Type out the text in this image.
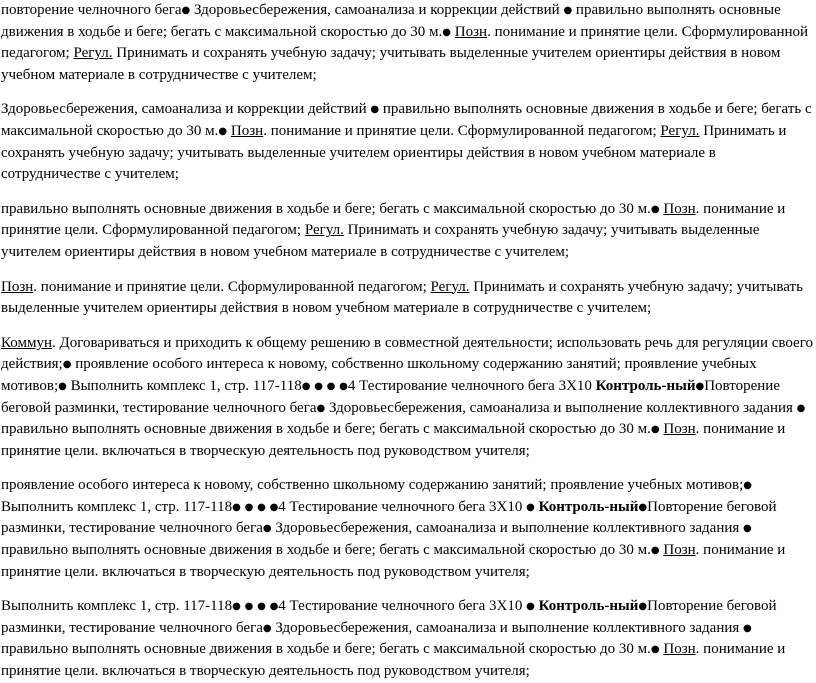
повторение челночного бега● Здоровьесбережения, самоанализа и коррекции действий ● правильно выполнять основные движения в ходьбе и беге; бегать с максимальной скоростью до 30 м.● Позн. понимание и принятие цели. Сформулированной педагогом; Регул. Принимать и сохранять учебную задачу; учитывать выделенные учителем ориентиры действия в новом учебном материале в сотрудничестве с учителем;

Здоровьесбережения, самоанализа и коррекции действий ● правильно выполнять основные движения в ходьбе и беге; бегать с максимальной скоростью до 30 м.● Позн. понимание и принятие цели. Сформулированной педагогом; Регул. Принимать и сохранять учебную задачу; учитывать выделенные учителем ориентиры действия в новом учебном материале в сотрудничестве с учителем;

правильно выполнять основные движения в ходьбе и беге; бегать с максимальной скоростью до 30 м.● Позн. понимание и принятие цели. Сформулированной педагогом; Регул. Принимать и сохранять учебную задачу; учитывать выделенные учителем ориентиры действия в новом учебном материале в сотрудничестве с учителем;

Позн. понимание и принятие цели. Сформулированной педагогом; Регул. Принимать и сохранять учебную задачу; учитывать выделенные учителем ориентиры действия в новом учебном материале в сотрудничестве с учителем;

Коммун. Договариваться и приходить к общему решению в совместной деятельности; использовать речь для регуляции своего действия;● проявление особого интереса к новому, собственно школьному содержанию занятий; проявление учебных мотивов;● Выполнить комплекс 1, стр. 117-118● ● ● ●4 Тестирование челночного бега 3Х10 Контроль-ный●Повторение беговой разминки, тестирование челночного бега● Здоровьесбережения, самоанализа и выполнение коллективного задания ● правильно выполнять основные движения в ходьбе и беге; бегать с максимальной скоростью до 30 м.● Позн. понимание и принятие цели. включаться в творческую деятельность под руководством учителя;

проявление особого интереса к новому, собственно школьному содержанию занятий; проявление учебных мотивов;● Выполнить комплекс 1, стр. 117-118● ● ● ●4 Тестирование челночного бега 3Х10 ● Контроль-ный●Повторение беговой разминки, тестирование челночного бега● Здоровьесбережения, самоанализа и выполнение коллективного задания ● правильно выполнять основные движения в ходьбе и беге; бегать с максимальной скоростью до 30 м.● Позн. понимание и принятие цели. включаться в творческую деятельность под руководством учителя;

Выполнить комплекс 1, стр. 117-118● ● ● ●4 Тестирование челночного бега 3Х10 ● Контроль-ный●Повторение беговой разминки, тестирование челночного бега● Здоровьесбережения, самоанализа и выполнение коллективного задания ● правильно выполнять основные движения в ходьбе и беге; бегать с максимальной скоростью до 30 м.● Позн. понимание и принятие цели. включаться в творческую деятельность под руководством учителя;
